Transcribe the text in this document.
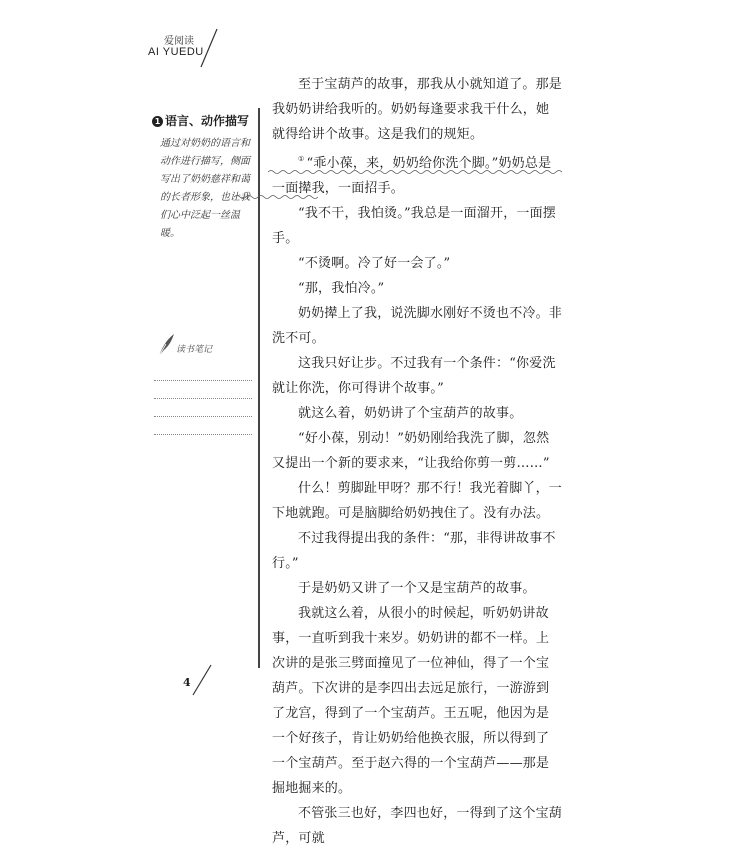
爱阅读
AI YUEDU
1 语言、动作描写
通过对奶奶的语言和动作进行描写，侧面写出了奶奶慈祥和蔼的长者形象，也让我们心中泛起一丝温暖。
读书笔记

至于宝葫芦的故事，那我从小就知道了。那是我奶奶讲给我听的。奶奶每逢要求我干什么，她就得给讲个故事。这是我们的规矩。

① “乖小葆，来，奶奶给你洗个脚。”奶奶总是一面撵我，一面招手。

“我不干，我怕烫。”我总是一面溜开，一面摆手。

“不烫啊。冷了好一会了。”

“那，我怕冷。”

奶奶撵上了我，说洗脚水刚好不烫也不冷。非洗不可。

这我只好让步。不过我有一个条件：“你爱洗就让你洗，你可得讲个故事。”

就这么着，奶奶讲了个宝葫芦的故事。

“好小葆，别动！”奶奶刚给我洗了脚，忽然又提出一个新的要求来，“让我给你剪一剪……”

什么！剪脚趾甲呀？那不行！我光着脚丫，一下地就跑。可是脑脚给奶奶拽住了。没有办法。

不过我得提出我的条件：“那，非得讲故事不行。”

于是奶奶又讲了一个又是宝葫芦的故事。

我就这么着，从很小的时候起，听奶奶讲故事，一直听到我十来岁。奶奶讲的都不一样。上次讲的是张三劈面撞见了一位神仙，得了一个宝葫芦。下次讲的是李四出去远足旅行，一游游到了龙宫，得到了一个宝葫芦。王五呢，他因为是一个好孩子，肯让奶奶给他换衣服，所以得到了一个宝葫芦。至于赵六得的一个宝葫芦——那是掘地掘来的。

不管张三也好，李四也好，一得到了这个宝葫芦，可就

4
